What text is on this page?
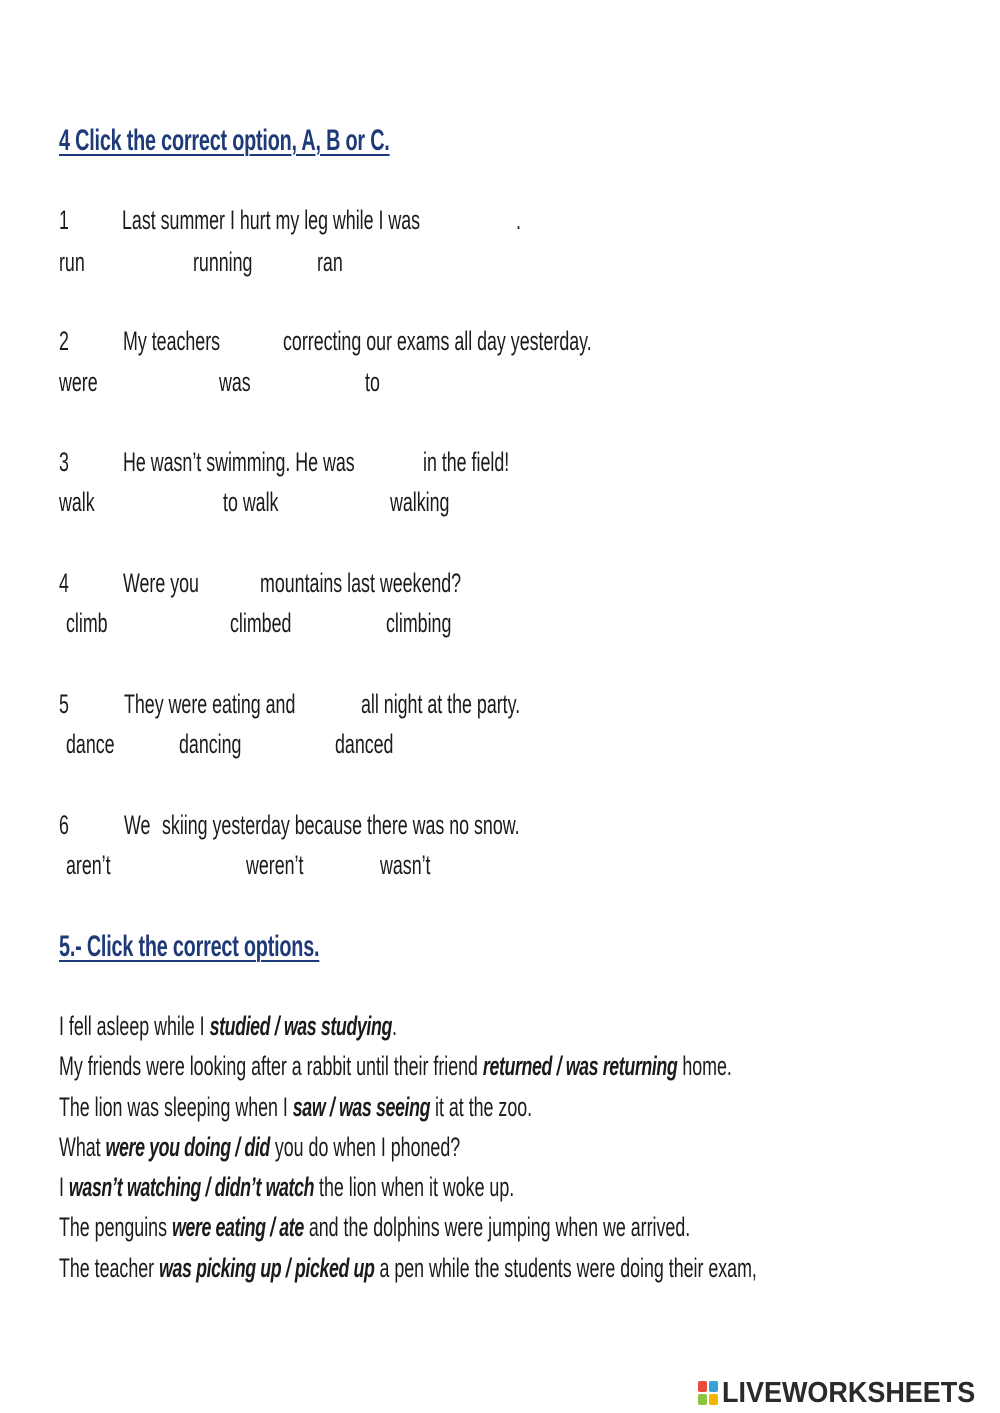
4 Click the correct option, A, B or C.
1 Last summer I hurt my leg while I was	.
run	running ran
2 My teachers correcting our exams all day yesterday.
were	was	to
3 He wasn’t swimming. He was	in the field!
walk	to walk	walking
4 Were you mountains last weekend?
climb	climbed	climbing
5 They were eating and all night at the party.
dance dancing	danced
6 We skiing yesterday because there was no snow.
aren’t	weren’t	wasn’t
5.- Click the correct options.
I fell asleep while I studied / was studying.
My friends were looking after a rabbit until their friend returned / was returning home.
The lion was sleeping when I saw / was seeing it at the zoo.
What were you doing / did you do when I phoned?
I wasn’t watching / didn’t watch the lion when it woke up.
The penguins were eating / ate and the dolphins were jumping when we arrived.
The teacher was picking up / picked up a pen while the students were doing their exam,
LIVEWORKSHEETS
